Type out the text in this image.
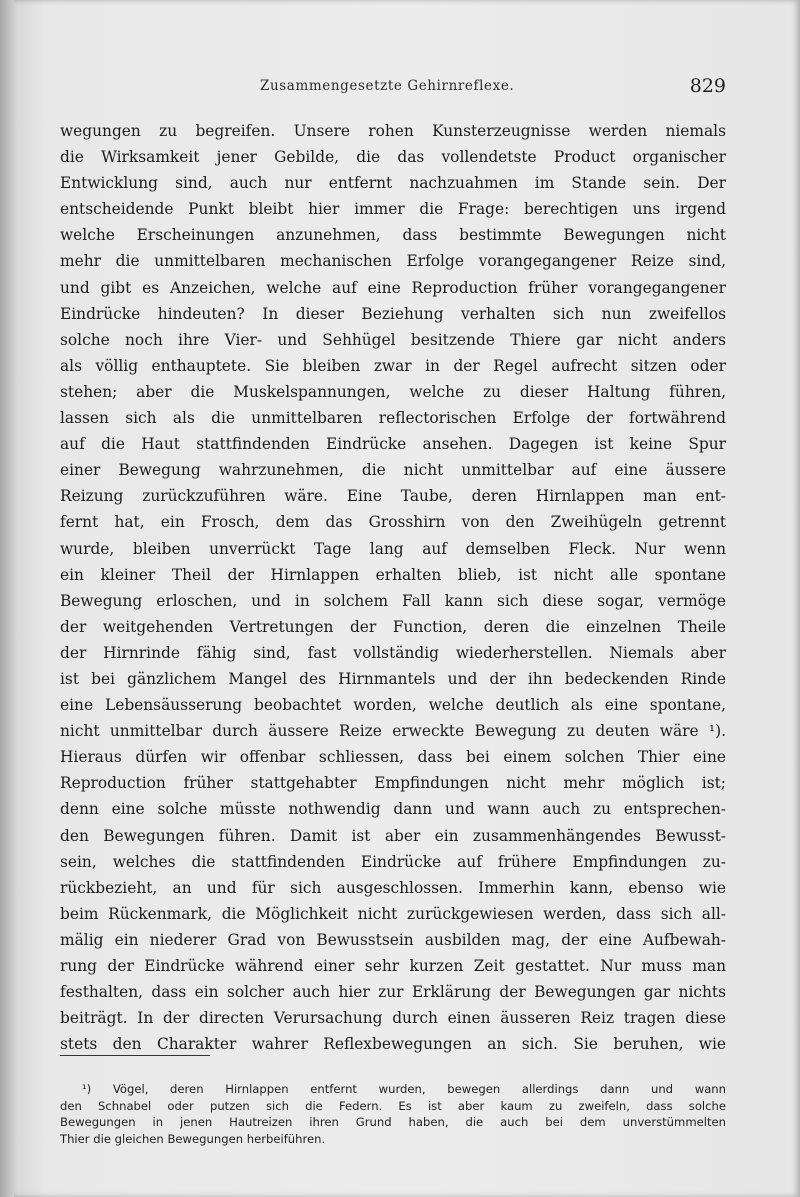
Zusammengesetzte Gehirnreflexe.	829
wegungen zu begreifen. Unsere rohen Kunsterzeugnisse werden niemals
die Wirksamkeit jener Gebilde, die das vollendetste Product organischer
Entwicklung sind, auch nur entfernt nachzuahmen im Stande sein. Der
entscheidende Punkt bleibt hier immer die Frage: berechtigen uns irgend
welche Erscheinungen anzunehmen, dass bestimmte Bewegungen nicht
mehr die unmittelbaren mechanischen Erfolge vorangegangener Reize sind,
und gibt es Anzeichen, welche auf eine Reproduction früher vorangegangener
Eindrücke hindeuten? In dieser Beziehung verhalten sich nun zweifellos
solche noch ihre Vier- und Sehhügel besitzende Thiere gar nicht anders
als völlig enthauptete. Sie bleiben zwar in der Regel aufrecht sitzen oder
stehen; aber die Muskelspannungen, welche zu dieser Haltung führen,
lassen sich als die unmittelbaren reflectorischen Erfolge der fortwährend
auf die Haut stattfindenden Eindrücke ansehen. Dagegen ist keine Spur
einer Bewegung wahrzunehmen, die nicht unmittelbar auf eine äussere
Reizung zurückzuführen wäre. Eine Taube, deren Hirnlappen man ent-
fernt hat, ein Frosch, dem das Grosshirn von den Zweihügeln getrennt
wurde, bleiben unverrückt Tage lang auf demselben Fleck. Nur wenn
ein kleiner Theil der Hirnlappen erhalten blieb, ist nicht alle spontane
Bewegung erloschen, und in solchem Fall kann sich diese sogar, vermöge
der weitgehenden Vertretungen der Function, deren die einzelnen Theile
der Hirnrinde fähig sind, fast vollständig wiederherstellen. Niemals aber
ist bei gänzlichem Mangel des Hirnmantels und der ihn bedeckenden Rinde
eine Lebensäusserung beobachtet worden, welche deutlich als eine spontane,
nicht unmittelbar durch äussere Reize erweckte Bewegung zu deuten wäre ¹).
Hieraus dürfen wir offenbar schliessen, dass bei einem solchen Thier eine
Reproduction früher stattgehabter Empfindungen nicht mehr möglich ist;
denn eine solche müsste nothwendig dann und wann auch zu entsprechen-
den Bewegungen führen. Damit ist aber ein zusammenhängendes Bewusst-
sein, welches die stattfindenden Eindrücke auf frühere Empfindungen zu-
rückbezieht, an und für sich ausgeschlossen. Immerhin kann, ebenso wie
beim Rückenmark, die Möglichkeit nicht zurückgewiesen werden, dass sich all-
mälig ein niederer Grad von Bewusstsein ausbilden mag, der eine Aufbewah-
rung der Eindrücke während einer sehr kurzen Zeit gestattet. Nur muss man
festhalten, dass ein solcher auch hier zur Erklärung der Bewegungen gar nichts
beiträgt. In der directen Verursachung durch einen äusseren Reiz tragen diese
stets den Charakter wahrer Reflexbewegungen an sich. Sie beruhen, wie
¹) Vögel, deren Hirnlappen entfernt wurden, bewegen allerdings dann und wann
den Schnabel oder putzen sich die Federn. Es ist aber kaum zu zweifeln, dass solche
Bewegungen in jenen Hautreizen ihren Grund haben, die auch bei dem unverstümmelten
Thier die gleichen Bewegungen herbeiführen.
